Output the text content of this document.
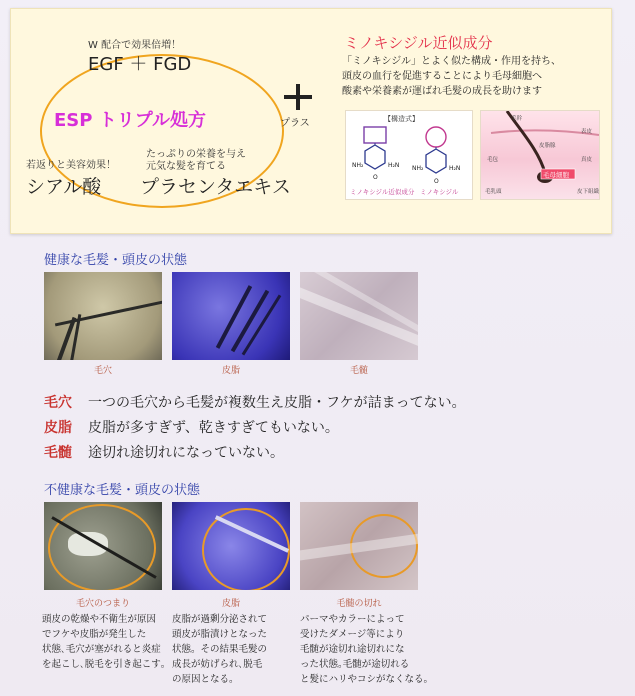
W 配合で効果倍増！
EGF ＋ FGD
ESP トリプル処方
若返りと美容効果！
シアル酸
たっぷりの栄養を与え
元気な髪を育てる
プラセンタエキス
プラス
ミノキシジル近似成分
「ミノキシジル」とよく似た構成・作用を持ち、
頭皮の血行を促進することにより毛母細胞へ
酸素や栄養素が運ばれ毛髪の成長を助けます
【構造式】
NH₂	H₂N NH₂	H₂N
O
O
ミノキシジル近似成分 ミノキシジル
毛母細胞
毛幹
表皮
皮脂腺
毛包	真皮
毛乳頭	皮下組織
健康な毛髪・頭皮の状態
毛穴	皮脂	毛髄
毛穴 一つの毛穴から毛髪が複数生え皮脂・フケが詰まってない。
皮脂 皮脂が多すぎず、乾きすぎてもいない。
毛髄 途切れ途切れになっていない。
不健康な毛髪・頭皮の状態
毛穴のつまり	皮脂	毛髄の切れ
頭皮の乾燥や不衛生が原因
でフケや皮脂が発生した
状態､毛穴が塞がれると炎症
を起こし､脱毛を引き起こす｡
皮脂が過剰分泌されて
頭皮が脂漬けとなった
状態。その結果毛髪の
成長が妨げられ､脱毛
の原因となる｡
パーマやカラーによって
受けたダメージ等により
毛髄が途切れ途切れにな
った状態｡毛髄が途切れる
と髪にハリやコシがなくなる｡
